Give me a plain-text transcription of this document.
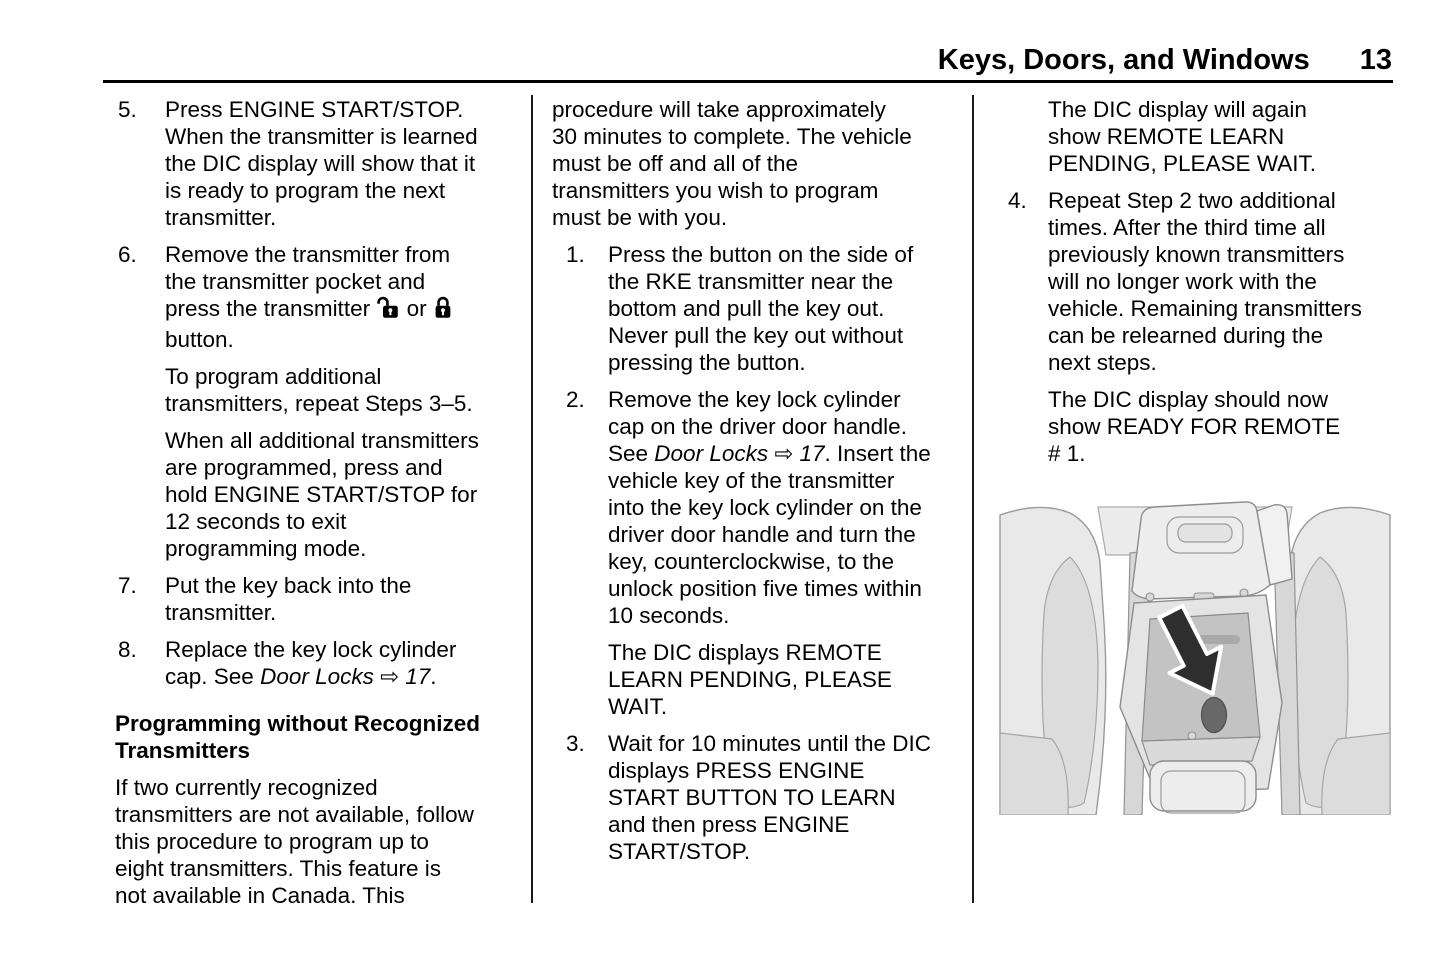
Keys, Doors, and Windows 13
5.	Press ENGINE START/STOP. When the transmitter is learned the DIC display will show that it is ready to program the next transmitter.
6.	Remove the transmitter from the transmitter pocket and press the transmitter  or  button.

To program additional transmitters, repeat Steps 3–5.

When all additional transmitters are programmed, press and hold ENGINE START/STOP for 12 seconds to exit programming mode.

7.	Put the key back into the transmitter.
8.	Replace the key lock cylinder cap. See Door Locks ⇨ 17.
Programming without Recognized Transmitters

If two currently recognized transmitters are not available, follow this procedure to program up to eight transmitters. This feature is not available in Canada. This

procedure will take approximately 30 minutes to complete. The vehicle must be off and all of the transmitters you wish to program must be with you.

1.	Press the button on the side of the RKE transmitter near the bottom and pull the key out. Never pull the key out without pressing the button.
2.	Remove the key lock cylinder cap on the driver door handle. See Door Locks ⇨ 17. Insert the vehicle key of the transmitter into the key lock cylinder on the driver door handle and turn the key, counterclockwise, to the unlock position five times within 10 seconds.

The DIC displays REMOTE LEARN PENDING, PLEASE WAIT.

3.	Wait for 10 minutes until the DIC displays PRESS ENGINE START BUTTON TO LEARN and then press ENGINE START/STOP.

The DIC display will again show REMOTE LEARN PENDING, PLEASE WAIT.

4. Repeat Step 2 two additional times. After the third time all previously known transmitters will no longer work with the vehicle. Remaining transmitters can be relearned during the next steps.

The DIC display should now show READY FOR REMOTE # 1.
